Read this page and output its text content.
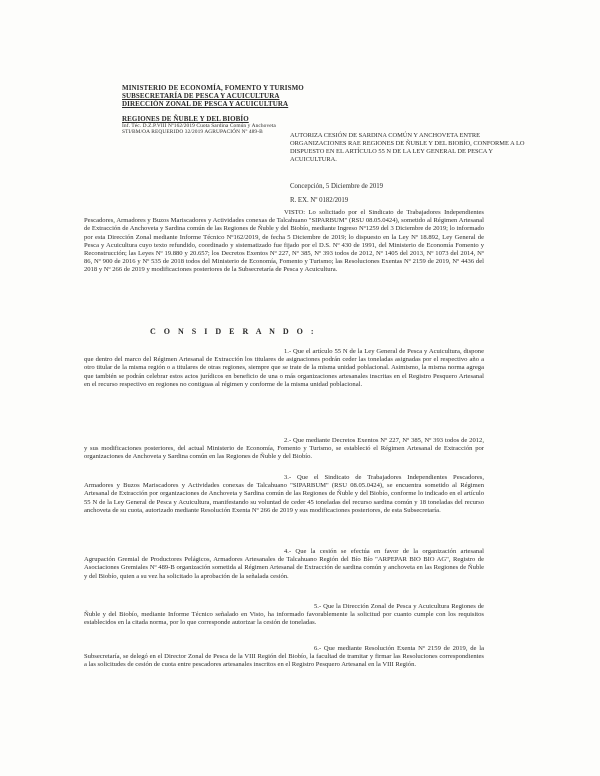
MINISTERIO DE ECONOMÍA, FOMENTO Y TURISMO
SUBSECRETARÍA DE PESCA Y ACUICULTURA
DIRECCIÓN ZONAL DE PESCA Y ACUICULTURA
REGIONES DE ÑUBLE Y DEL BIOBÍO
Inf. Téc. D.Z.P.VIII Nº162/2019 Cuota Sardina Común y Anchoveta
STI/BM/OA REQUERIDO 32/2019 AGRUPACIÓN Nº 489-B	AUTORIZA CESIÓN DE SARDINA COMÚN Y ANCHOVETA ENTRE ORGANIZACIONES RAE REGIONES DE ÑUBLE Y DEL BIOBÍO, CONFORME A LO DISPUESTO EN EL ARTÍCULO 55 N DE LA LEY GENERAL DE PESCA Y ACUICULTURA.
Concepción, 5 Diciembre de 2019
R. EX. Nº 0182/2019
VISTO: Lo solicitado por el Sindicato de Trabajadores Independientes Pescadores, Armadores y Buzos Mariscadores y Actividades conexas de Talcahuano "SIPARBUM" (RSU 08.05.0424), sometido al Régimen Artesanal de Extracción de Anchoveta y Sardina común de las Regiones de Ñuble y del Biobío, mediante Ingreso Nº1259 del 3 Diciembre de 2019; lo informado por esta Dirección Zonal mediante Informe Técnico Nº162/2019, de fecha 5 Diciembre de 2019; lo dispuesto en la Ley Nº 18.892, Ley General de Pesca y Acuicultura cuyo texto refundido, coordinado y sistematizado fue fijado por el D.S. Nº 430 de 1991, del Ministerio de Economía Fomento y Reconstrucción; las Leyes Nº 19.880 y 20.657; los Decretos Exentos Nº 227, Nº 385, Nº 393 todos de 2012, Nº 1405 del 2013, Nº 1073 del 2014, Nº 86, Nº 900 de 2016 y Nº 535 de 2018 todos del Ministerio de Economía, Fomento y Turismo; las Resoluciones Exentas Nº 2159 de 2019, Nº 4436 del 2018 y Nº 266 de 2019 y modificaciones posteriores de la Subsecretaría de Pesca y Acuicultura.
C O N S I D E R A N D O :
1.- Que el artículo 55 N de la Ley General de Pesca y Acuicultura, dispone que dentro del marco del Régimen Artesanal de Extracción los titulares de asignaciones podrán ceder las toneladas asignadas por el respectivo año a otro titular de la misma región o a titulares de otras regiones, siempre que se trate de la misma unidad poblacional. Asimismo, la misma norma agrega que también se podrán celebrar estos actos jurídicos en beneficio de una o más organizaciones artesanales inscritas en el Registro Pesquero Artesanal en el recurso respectivo en regiones no contiguas al régimen y conforme de la misma unidad poblacional.
2.- Que mediante Decretos Exentos Nº 227, Nº 385, Nº 393 todos de 2012, y sus modificaciones posteriores, del actual Ministerio de Economía, Fomento y Turismo, se estableció el Régimen Artesanal de Extracción por organizaciones de Anchoveta y Sardina común en las Regiones de Ñuble y del Biobío.
3.- Que el Sindicato de Trabajadores Independientes Pescadores, Armadores y Buzos Mariscadores y Actividades conexas de Talcahuano "SIPARBUM" (RSU 08.05.0424), se encuentra sometido al Régimen Artesanal de Extracción por organizaciones de Anchoveta y Sardina común de las Regiones de Ñuble y del Biobío, conforme lo indicado en el artículo 55 N de la Ley General de Pesca y Acuicultura, manifestando su voluntad de ceder 45 toneladas del recurso sardina común y 18 toneladas del recurso anchoveta de su cuota, autorizado mediante Resolución Exenta Nº 266 de 2019 y sus modificaciones posteriores, de esta Subsecretaría.
4.- Que la cesión se efectúa en favor de la organización artesanal Agrupación Gremial de Productores Pelágicos, Armadores Artesanales de Talcahuano Región del Bío Bío "ARPEPAR BIO BIO AG", Registro de Asociaciones Gremiales Nº 489-B organización sometida al Régimen Artesanal de Extracción de sardina común y anchoveta en las Regiones de Ñuble y del Biobío, quien a su vez ha solicitado la aprobación de la señalada cesión.
5.- Que la Dirección Zonal de Pesca y Acuicultura Regiones de Ñuble y del Biobío, mediante Informe Técnico señalado en Visto, ha informado favorablemente la solicitud por cuanto cumple con los requisitos establecidos en la citada norma, por lo que corresponde autorizar la cesión de toneladas.
6.- Que mediante Resolución Exenta Nº 2159 de 2019, de la Subsecretaría, se delegó en el Director Zonal de Pesca de la VIII Región del Biobío, la facultad de tramitar y firmar las Resoluciones correspondientes a las solicitudes de cesión de cuota entre pescadores artesanales inscritos en el Registro Pesquero Artesanal en la VIII Región.
